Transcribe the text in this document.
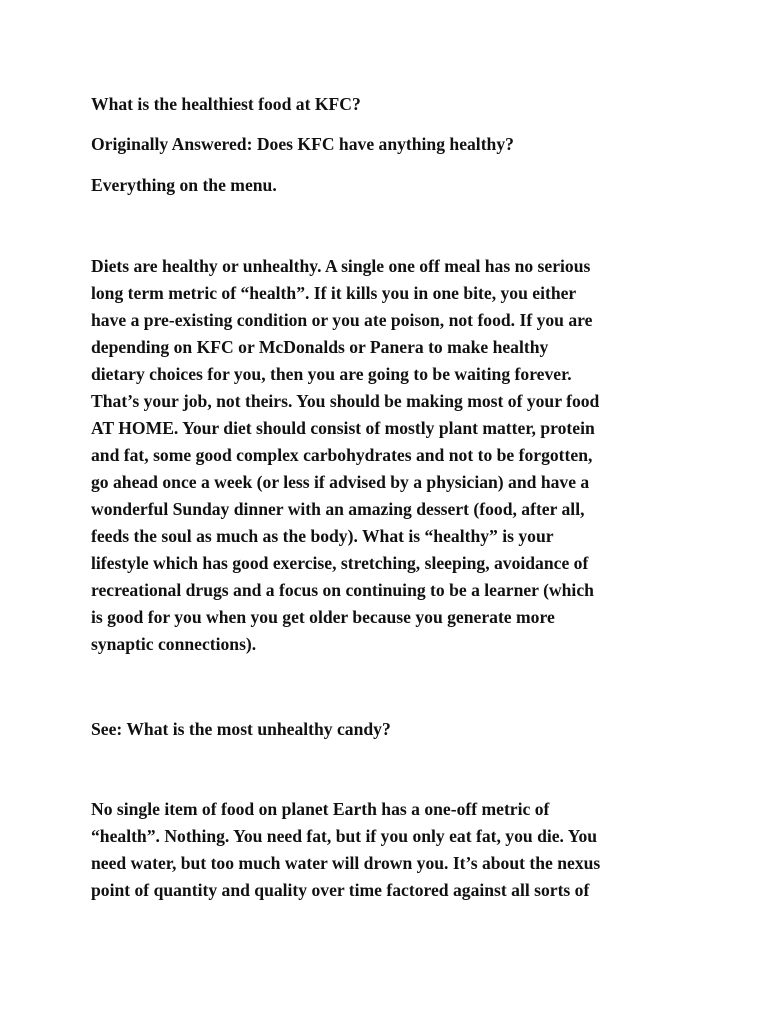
What is the healthiest food at KFC?

Originally Answered: Does KFC have anything healthy?

Everything on the menu.

Diets are healthy or unhealthy. A single one off meal has no serious
long term metric of “health”. If it kills you in one bite, you either
have a pre-existing condition or you ate poison, not food. If you are
depending on KFC or McDonalds or Panera to make healthy
dietary choices for you, then you are going to be waiting forever.
That’s your job, not theirs. You should be making most of your food
AT HOME. Your diet should consist of mostly plant matter, protein
and fat, some good complex carbohydrates and not to be forgotten,
go ahead once a week (or less if advised by a physician) and have a
wonderful Sunday dinner with an amazing dessert (food, after all,
feeds the soul as much as the body). What is “healthy” is your
lifestyle which has good exercise, stretching, sleeping, avoidance of
recreational drugs and a focus on continuing to be a learner (which
is good for you when you get older because you generate more
synaptic connections).

See: What is the most unhealthy candy?

No single item of food on planet Earth has a one-off metric of
“health”. Nothing. You need fat, but if you only eat fat, you die. You
need water, but too much water will drown you. It’s about the nexus
point of quantity and quality over time factored against all sorts of
